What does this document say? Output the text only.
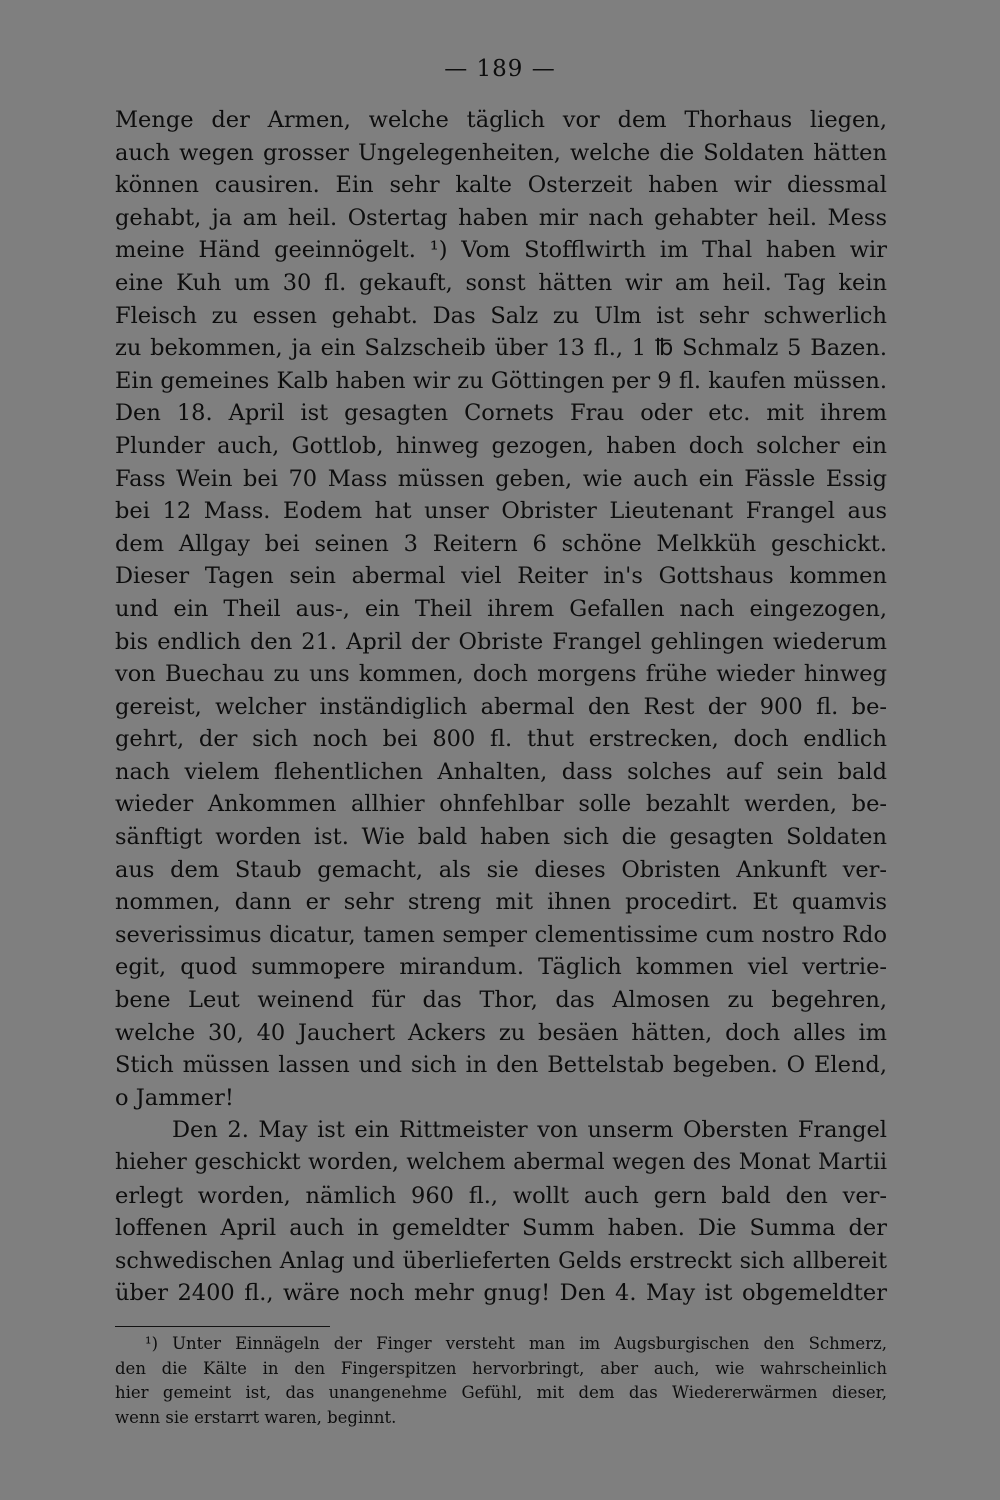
— 189 —
Menge der Armen, welche täglich vor dem Thorhaus liegen,
auch wegen grosser Ungelegenheiten, welche die Soldaten hätten
können causiren. Ein sehr kalte Osterzeit haben wir diessmal
gehabt, ja am heil. Ostertag haben mir nach gehabter heil. Mess
meine Händ geeinnögelt. ¹) Vom Stofflwirth im Thal haben wir
eine Kuh um 30 fl. gekauft, sonst hätten wir am heil. Tag kein
Fleisch zu essen gehabt. Das Salz zu Ulm ist sehr schwerlich
zu bekommen, ja ein Salzscheib über 13 fl., 1 ℔ Schmalz 5 Bazen.
Ein gemeines Kalb haben wir zu Göttingen per 9 fl. kaufen müssen.
Den 18. April ist gesagten Cornets Frau oder etc. mit ihrem
Plunder auch, Gottlob, hinweg gezogen, haben doch solcher ein
Fass Wein bei 70 Mass müssen geben, wie auch ein Fässle Essig
bei 12 Mass. Eodem hat unser Obrister Lieutenant Frangel aus
dem Allgay bei seinen 3 Reitern 6 schöne Melkküh geschickt.
Dieser Tagen sein abermal viel Reiter in's Gottshaus kommen
und ein Theil aus-, ein Theil ihrem Gefallen nach eingezogen,
bis endlich den 21. April der Obriste Frangel gehlingen wiederum
von Buechau zu uns kommen, doch morgens frühe wieder hinweg
gereist, welcher inständiglich abermal den Rest der 900 fl. be-
gehrt, der sich noch bei 800 fl. thut erstrecken, doch endlich
nach vielem flehentlichen Anhalten, dass solches auf sein bald
wieder Ankommen allhier ohnfehlbar solle bezahlt werden, be-
sänftigt worden ist. Wie bald haben sich die gesagten Soldaten
aus dem Staub gemacht, als sie dieses Obristen Ankunft ver-
nommen, dann er sehr streng mit ihnen procedirt. Et quamvis
severissimus dicatur, tamen semper clementissime cum nostro Rdo
egit, quod summopere mirandum. Täglich kommen viel vertrie-
bene Leut weinend für das Thor, das Almosen zu begehren,
welche 30, 40 Jauchert Ackers zu besäen hätten, doch alles im
Stich müssen lassen und sich in den Bettelstab begeben. O Elend,
o Jammer!
Den 2. May ist ein Rittmeister von unserm Obersten Frangel
hieher geschickt worden, welchem abermal wegen des Monat Martii
erlegt worden, nämlich 960 fl., wollt auch gern bald den ver-
loffenen April auch in gemeldter Summ haben. Die Summa der
schwedischen Anlag und überlieferten Gelds erstreckt sich allbereit
über 2400 fl., wäre noch mehr gnug! Den 4. May ist obgemeldter
¹) Unter Einnägeln der Finger versteht man im Augsburgischen den Schmerz,
den die Kälte in den Fingerspitzen hervorbringt, aber auch, wie wahrscheinlich
hier gemeint ist, das unangenehme Gefühl, mit dem das Wiedererwärmen dieser,
wenn sie erstarrt waren, beginnt.
